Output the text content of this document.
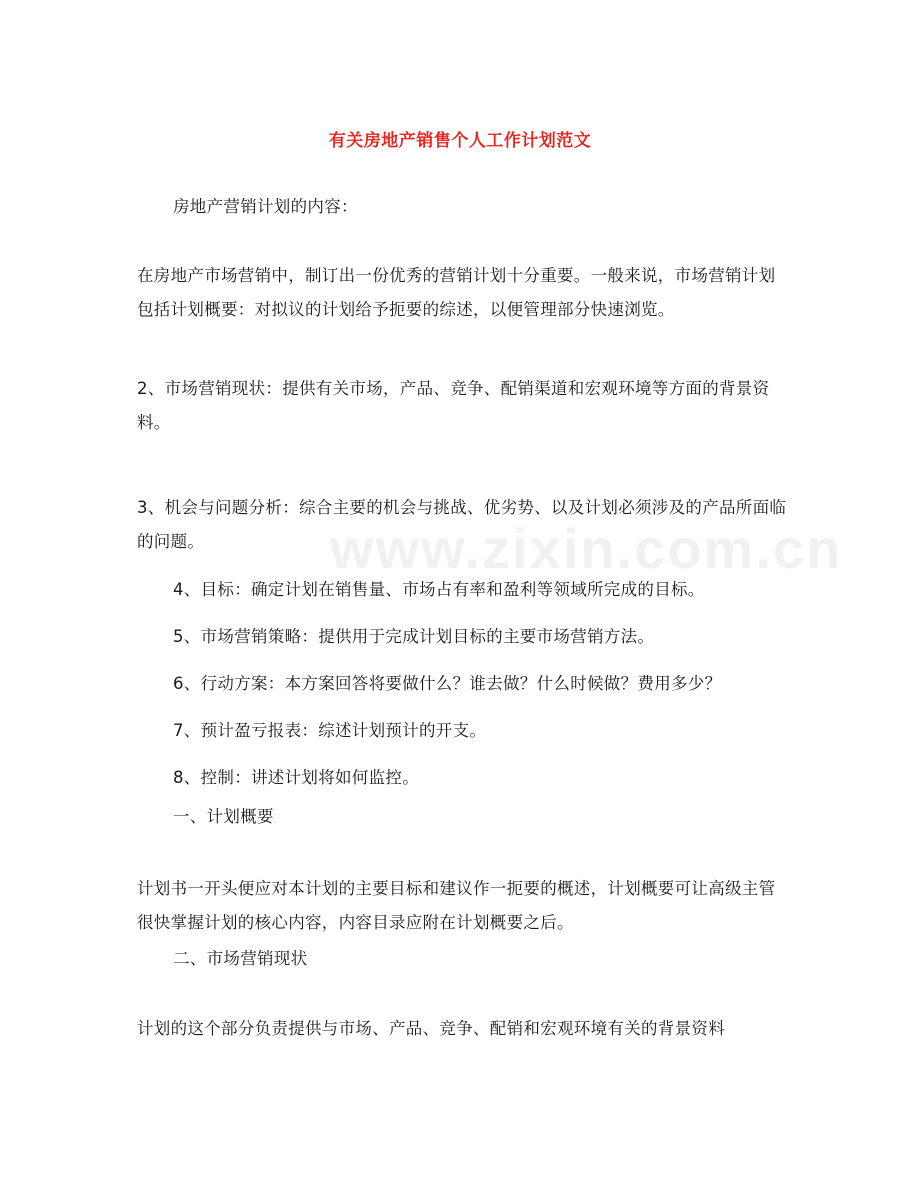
www.zixin.com.cn
有关房地产销售个人工作计划范文
房地产营销计划的内容：
在房地产市场营销中，制订出一份优秀的营销计划十分重要。一般来说，市场营销计划包括计划概要：对拟议的计划给予扼要的综述，以便管理部分快速浏览。
2、市场营销现状：提供有关市场，产品、竞争、配销渠道和宏观环境等方面的背景资料。
3、机会与问题分析：综合主要的机会与挑战、优劣势、以及计划必须涉及的产品所面临的问题。
4、目标：确定计划在销售量、市场占有率和盈利等领域所完成的目标。
5、市场营销策略：提供用于完成计划目标的主要市场营销方法。
6、行动方案：本方案回答将要做什么？谁去做？什么时候做？费用多少？
7、预计盈亏报表：综述计划预计的开支。
8、控制：讲述计划将如何监控。
一、计划概要
计划书一开头便应对本计划的主要目标和建议作一扼要的概述，计划概要可让高级主管很快掌握计划的核心内容，内容目录应附在计划概要之后。
二、市场营销现状
计划的这个部分负责提供与市场、产品、竞争、配销和宏观环境有关的背景资料
